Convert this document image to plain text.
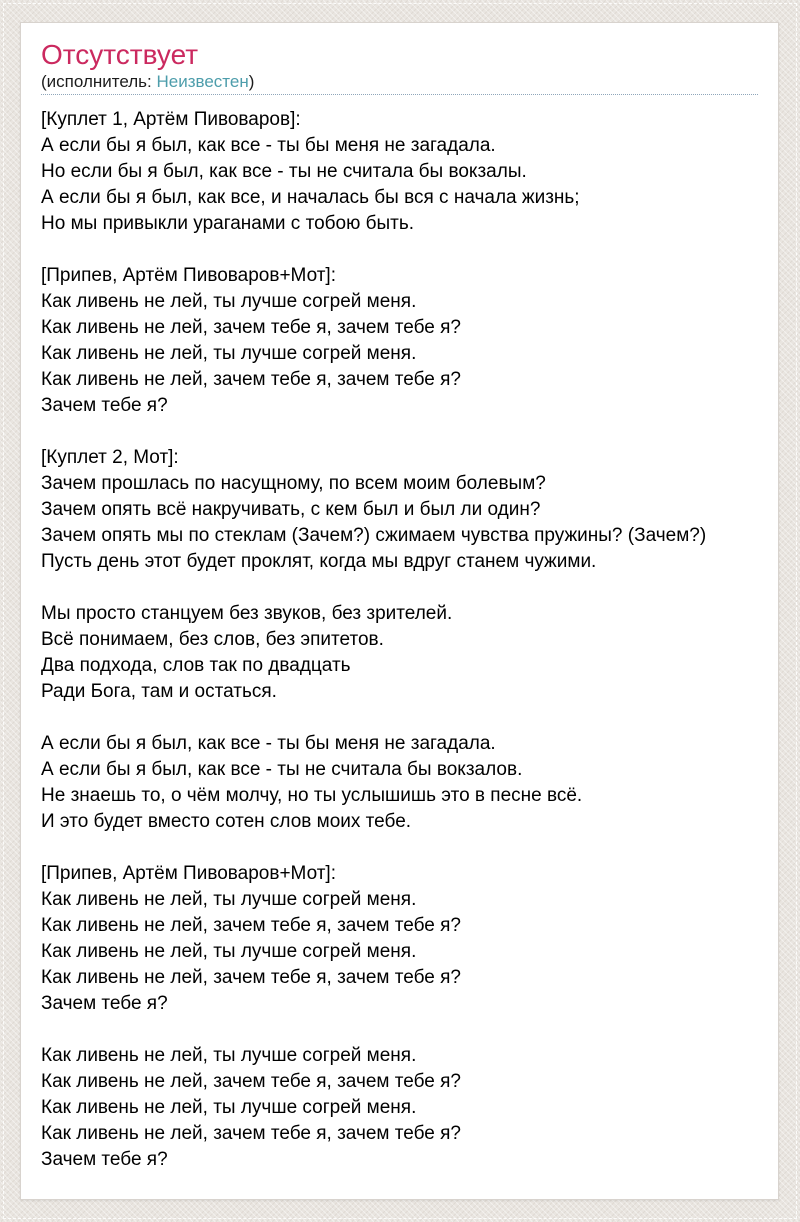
Отсутствует
(исполнитель: Неизвестен)

[Куплет 1, Артём Пивоваров]:
А если бы я был, как все - ты бы меня не загадала.
Но если бы я был, как все - ты не считала бы вокзалы.
А если бы я был, как все, и началась бы вся с начала жизнь;
Но мы привыкли ураганами с тобою быть.

[Припев, Артём Пивоваров+Мот]:
Как ливень не лей, ты лучше согрей меня.
Как ливень не лей, зачем тебе я, зачем тебе я?
Как ливень не лей, ты лучше согрей меня.
Как ливень не лей, зачем тебе я, зачем тебе я?
Зачем тебе я?

[Куплет 2, Мот]:
Зачем прошлась по насущному, по всем моим болевым?
Зачем опять всё накручивать, с кем был и был ли один?
Зачем опять мы по стеклам (Зачем?) сжимаем чувства пружины? (Зачем?)
Пусть день этот будет проклят, когда мы вдруг станем чужими.

Мы просто станцуем без звуков, без зрителей.
Всё понимаем, без слов, без эпитетов.
Два подхода, слов так по двадцать
Ради Бога, там и остаться.

А если бы я был, как все - ты бы меня не загадала.
А если бы я был, как все - ты не считала бы вокзалов.
Не знаешь то, о чём молчу, но ты услышишь это в песне всё.
И это будет вместо сотен слов моих тебе.

[Припев, Артём Пивоваров+Мот]:
Как ливень не лей, ты лучше согрей меня.
Как ливень не лей, зачем тебе я, зачем тебе я?
Как ливень не лей, ты лучше согрей меня.
Как ливень не лей, зачем тебе я, зачем тебе я?
Зачем тебе я?

Как ливень не лей, ты лучше согрей меня.
Как ливень не лей, зачем тебе я, зачем тебе я?
Как ливень не лей, ты лучше согрей меня.
Как ливень не лей, зачем тебе я, зачем тебе я?
Зачем тебе я?
